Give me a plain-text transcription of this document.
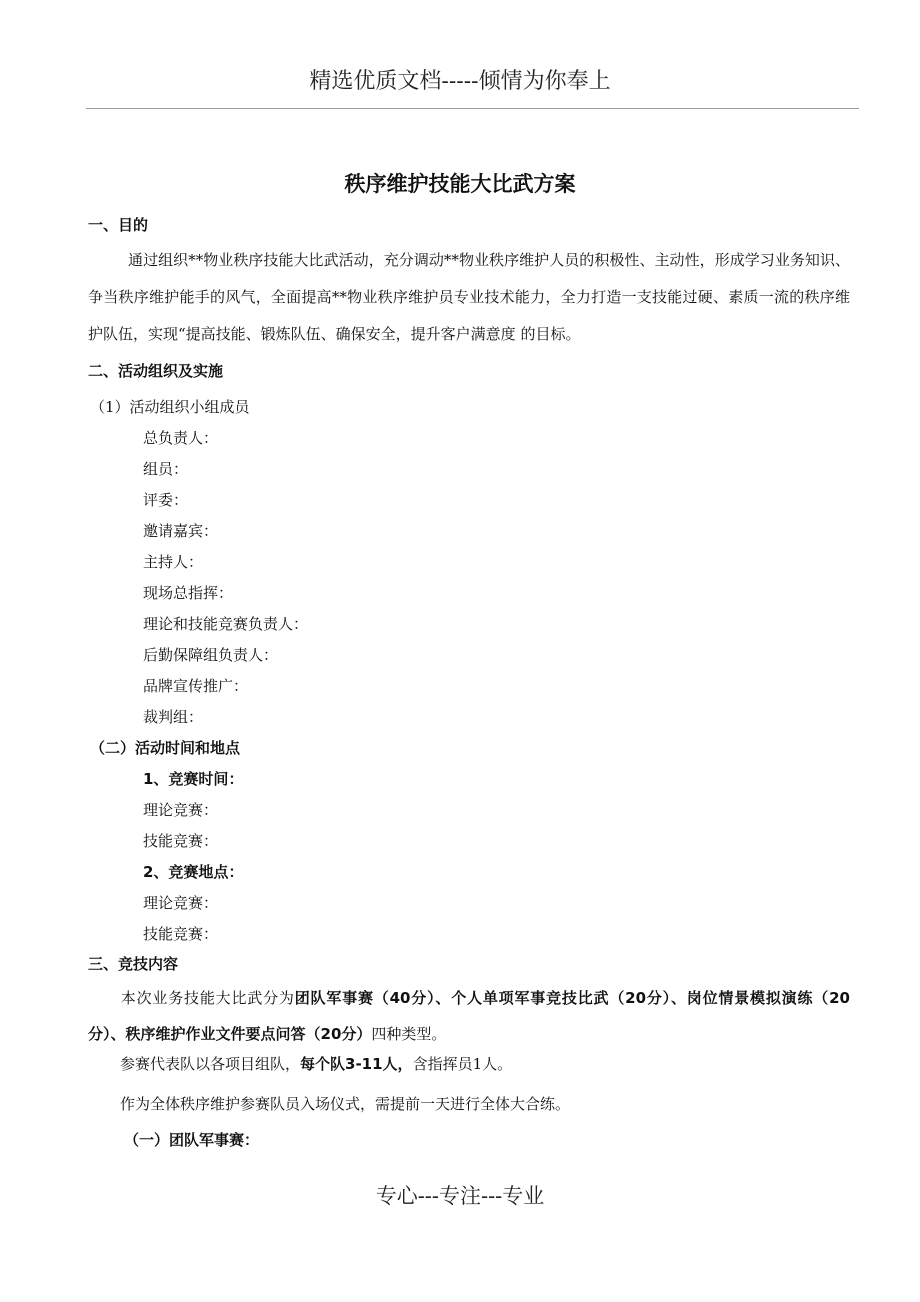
精选优质文档-----倾情为你奉上
秩序维护技能大比武方案
一、目的
通过组织**物业秩序技能大比武活动，充分调动**物业秩序维护人员的积极性、主动性，形成学习业务知识、争当秩序维护能手的风气，全面提高**物业秩序维护员专业技术能力，全力打造一支技能过硬、素质一流的秩序维护队伍，实现“提高技能、锻炼队伍、确保安全，提升客户满意度 的目标。
二、活动组织及实施
（1）活动组织小组成员
总负责人：
组员：
评委：
邀请嘉宾：
主持人：
现场总指挥：
理论和技能竞赛负责人：
后勤保障组负责人：
品牌宣传推广：
裁判组：
（二）活动时间和地点
1、竞赛时间：
理论竞赛：
技能竞赛：
2、竞赛地点：
理论竞赛：
技能竞赛：
三、竞技内容
本次业务技能大比武分为团队军事赛（40分）、个人单项军事竞技比武（20分）、岗位情景模拟演练（20分）、秩序维护作业文件要点问答（20分）四种类型。
参赛代表队以各项目组队，每个队3-11人，含指挥员1人。
作为全体秩序维护参赛队员入场仪式，需提前一天进行全体大合练。
（一）团队军事赛：
专心---专注---专业
